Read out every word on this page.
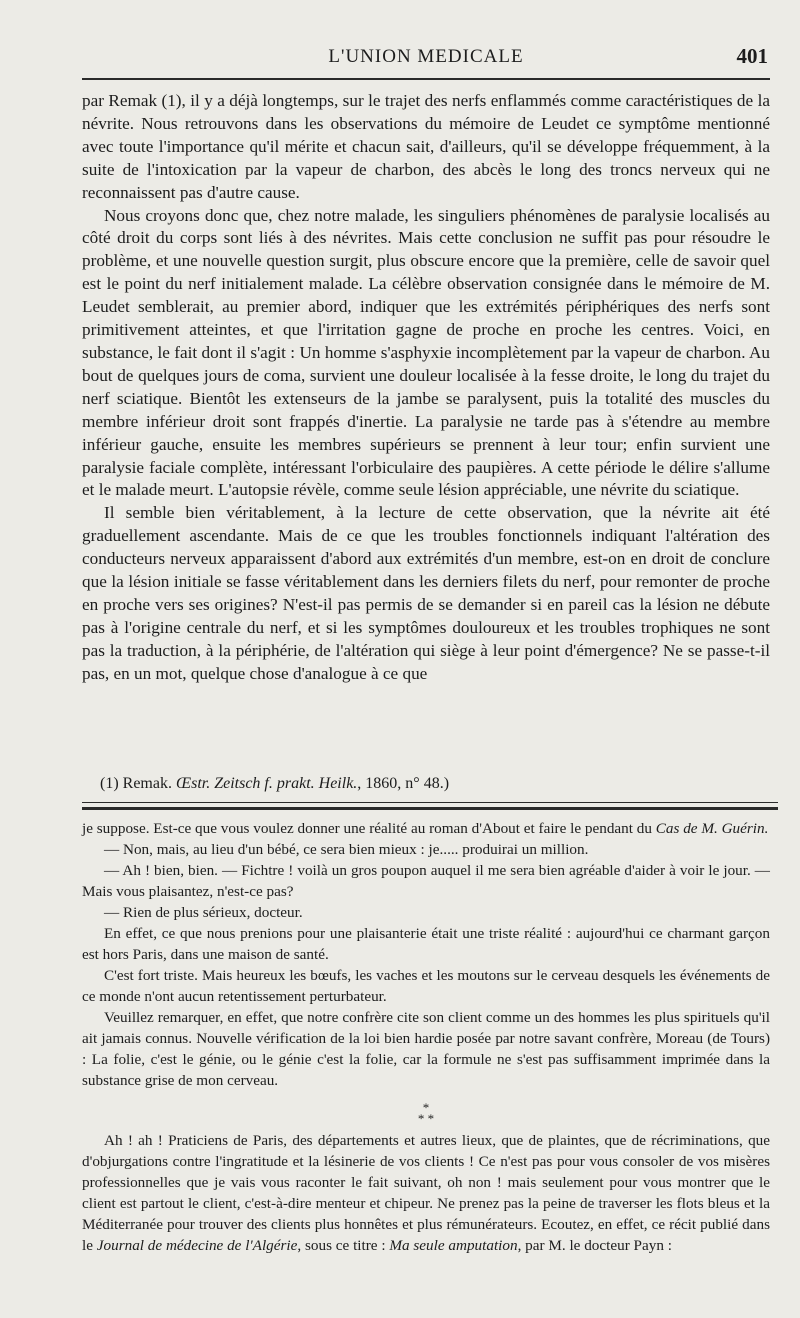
L'UNION MEDICALE	401

par Remak (1), il y a déjà longtemps, sur le trajet des nerfs enflammés comme caractéristiques de la névrite. Nous retrouvons dans les observations du mémoire de Leudet ce symptôme mentionné avec toute l'importance qu'il mérite et chacun sait, d'ailleurs, qu'il se développe fréquemment, à la suite de l'intoxication par la vapeur de charbon, des abcès le long des troncs nerveux qui ne reconnaissent pas d'autre cause.

Nous croyons donc que, chez notre malade, les singuliers phénomènes de paralysie localisés au côté droit du corps sont liés à des névrites. Mais cette conclusion ne suffit pas pour résoudre le problème, et une nouvelle question surgit, plus obscure encore que la première, celle de savoir quel est le point du nerf initialement malade. La célèbre observation consignée dans le mémoire de M. Leudet semblerait, au premier abord, indiquer que les extrémités périphériques des nerfs sont primitivement atteintes, et que l'irritation gagne de proche en proche les centres. Voici, en substance, le fait dont il s'agit : Un homme s'asphyxie incomplètement par la vapeur de charbon. Au bout de quelques jours de coma, survient une douleur localisée à la fesse droite, le long du trajet du nerf sciatique. Bientôt les extenseurs de la jambe se paralysent, puis la totalité des muscles du membre inférieur droit sont frappés d'inertie. La paralysie ne tarde pas à s'étendre au membre inférieur gauche, ensuite les membres supérieurs se prennent à leur tour; enfin survient une paralysie faciale complète, intéressant l'orbiculaire des paupières. A cette période le délire s'allume et le malade meurt. L'autopsie révèle, comme seule lésion appréciable, une névrite du sciatique.

Il semble bien véritablement, à la lecture de cette observation, que la névrite ait été graduellement ascendante. Mais de ce que les troubles fonctionnels indiquant l'altération des conducteurs nerveux apparaissent d'abord aux extrémités d'un membre, est-on en droit de conclure que la lésion initiale se fasse véritablement dans les derniers filets du nerf, pour remonter de proche en proche vers ses origines? N'est-il pas permis de se demander si en pareil cas la lésion ne débute pas à l'origine centrale du nerf, et si les symptômes douloureux et les troubles trophiques ne sont pas la traduction, à la périphérie, de l'altération qui siège à leur point d'émergence? Ne se passe-t-il pas, en un mot, quelque chose d'analogue à ce que

(1) Remak. Œstr. Zeitsch f. prakt. Heilk., 1860, n° 48.)

je suppose. Est-ce que vous voulez donner une réalité au roman d'About et faire le pendant du Cas de M. Guérin.

— Non, mais, au lieu d'un bébé, ce sera bien mieux : je..... produirai un million.

— Ah ! bien, bien. — Fichtre ! voilà un gros poupon auquel il me sera bien agréable d'aider à voir le jour. — Mais vous plaisantez, n'est-ce pas?

— Rien de plus sérieux, docteur.

En effet, ce que nous prenions pour une plaisanterie était une triste réalité : aujourd'hui ce charmant garçon est hors Paris, dans une maison de santé.

C'est fort triste. Mais heureux les bœufs, les vaches et les moutons sur le cerveau desquels les événements de ce monde n'ont aucun retentissement perturbateur.

Veuillez remarquer, en effet, que notre confrère cite son client comme un des hommes les plus spirituels qu'il ait jamais connus. Nouvelle vérification de la loi bien hardie posée par notre savant confrère, Moreau (de Tours) : La folie, c'est le génie, ou le génie c'est la folie, car la formule ne s'est pas suffisamment imprimée dans la substance grise de mon cerveau.

*
* *

Ah ! ah ! Praticiens de Paris, des départements et autres lieux, que de plaintes, que de récriminations, que d'objurgations contre l'ingratitude et la lésinerie de vos clients ! Ce n'est pas pour vous consoler de vos misères professionnelles que je vais vous raconter le fait suivant, oh non ! mais seulement pour vous montrer que le client est partout le client, c'est-à-dire menteur et chipeur. Ne prenez pas la peine de traverser les flots bleus et la Méditerranée pour trouver des clients plus honnêtes et plus rémunérateurs. Ecoutez, en effet, ce récit publié dans le Journal de médecine de l'Algérie, sous ce titre : Ma seule amputation, par M. le docteur Payn :
